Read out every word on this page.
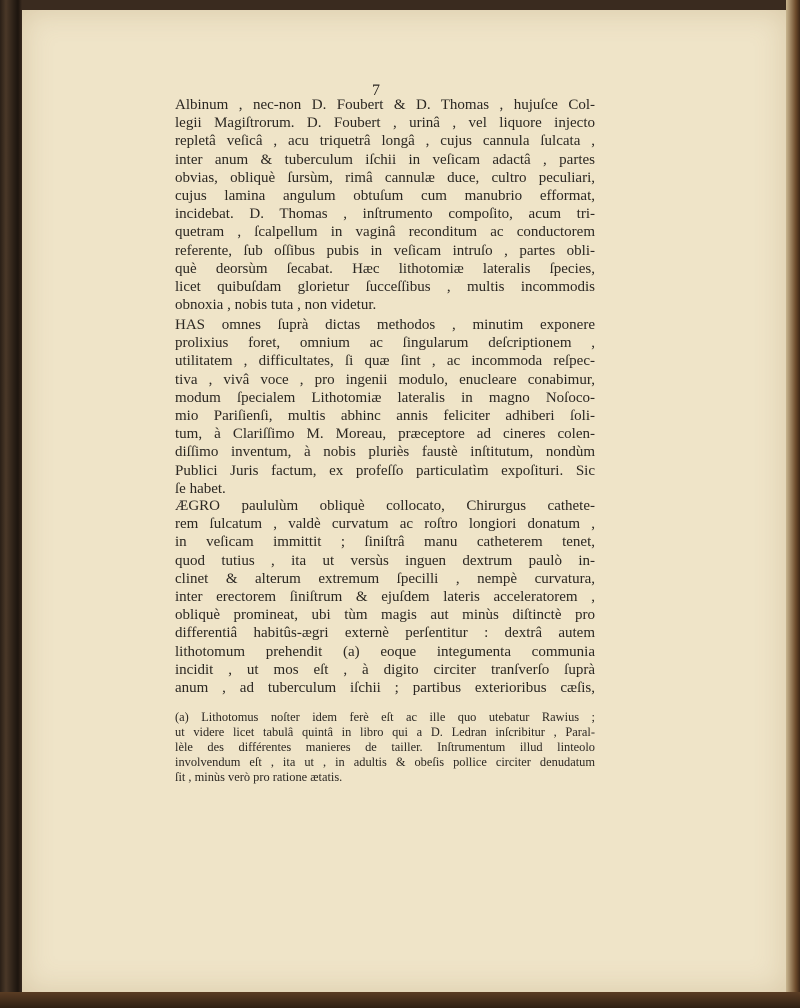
7
Albinum , nec-non D. Foubert & D. Thomas , hujuſce Col-
legii Magiſtrorum. D. Foubert , urinâ , vel liquore injecto
repletâ veſicâ , acu triquetrâ longâ , cujus cannula ſulcata ,
inter anum & tuberculum iſchii in veſicam adactâ , partes
obvias, obliquè ſursùm, rimâ cannulæ duce, cultro peculiari,
cujus lamina angulum obtuſum cum manubrio efformat,
incidebat. D. Thomas , inſtrumento compoſito, acum tri-
quetram , ſcalpellum in vaginâ reconditum ac conductorem
referente, ſub oſſibus pubis in veſicam intruſo , partes obli-
què deorsùm ſecabat. Hæc lithotomiæ lateralis ſpecies,
licet quibuſdam glorietur ſucceſſibus , multis incommodis
obnoxia , nobis tuta , non videtur.
HAS omnes ſuprà dictas methodos , minutim exponere
prolixius foret, omnium ac ſingularum deſcriptionem ,
utilitatem , difficultates, ſi quæ ſint , ac incommoda reſpec-
tiva , vivâ voce , pro ingenii modulo, enucleare conabimur,
modum ſpecialem Lithotomiæ lateralis in magno Noſoco-
mio Pariſienſi, multis abhinc annis feliciter adhiberi ſoli-
tum, à Clariſſimo M. Moreau, præceptore ad cineres colen-
diſſimo inventum, à nobis pluriès faustè inſtitutum, nondùm
Publici Juris factum, ex profeſſo particulatìm expoſituri. Sic
ſe habet.
ÆGRO paululùm obliquè collocato, Chirurgus cathete-
rem ſulcatum , valdè curvatum ac roſtro longiori donatum ,
in veſicam immittit ; ſiniſtrâ manu catheterem tenet,
quod tutius , ita ut versùs inguen dextrum paulò in-
clinet & alterum extremum ſpecilli , nempè curvatura,
inter erectorem ſiniſtrum & ejuſdem lateris acceleratorem ,
obliquè promineat, ubi tùm magis aut minùs diſtinctè pro
differentiâ habitûs-ægri externè perſentitur : dextrâ autem
lithotomum prehendit (a) eoque integumenta communia
incidit , ut mos eſt , à digito circiter tranſverſo ſuprà
anum , ad tuberculum iſchii ; partibus exterioribus cæſis,
(a) Lithotomus noſter idem ferè eſt ac ille quo utebatur Rawius ;
ut videre licet tabulâ quintâ in libro qui a D. Ledran inſcribitur , Paral-
lèle des différentes manieres de tailler. Inſtrumentum illud linteolo
involvendum eſt , ita ut , in adultis & obeſis pollice circiter denudatum
ſit , minùs verò pro ratione ætatis.
